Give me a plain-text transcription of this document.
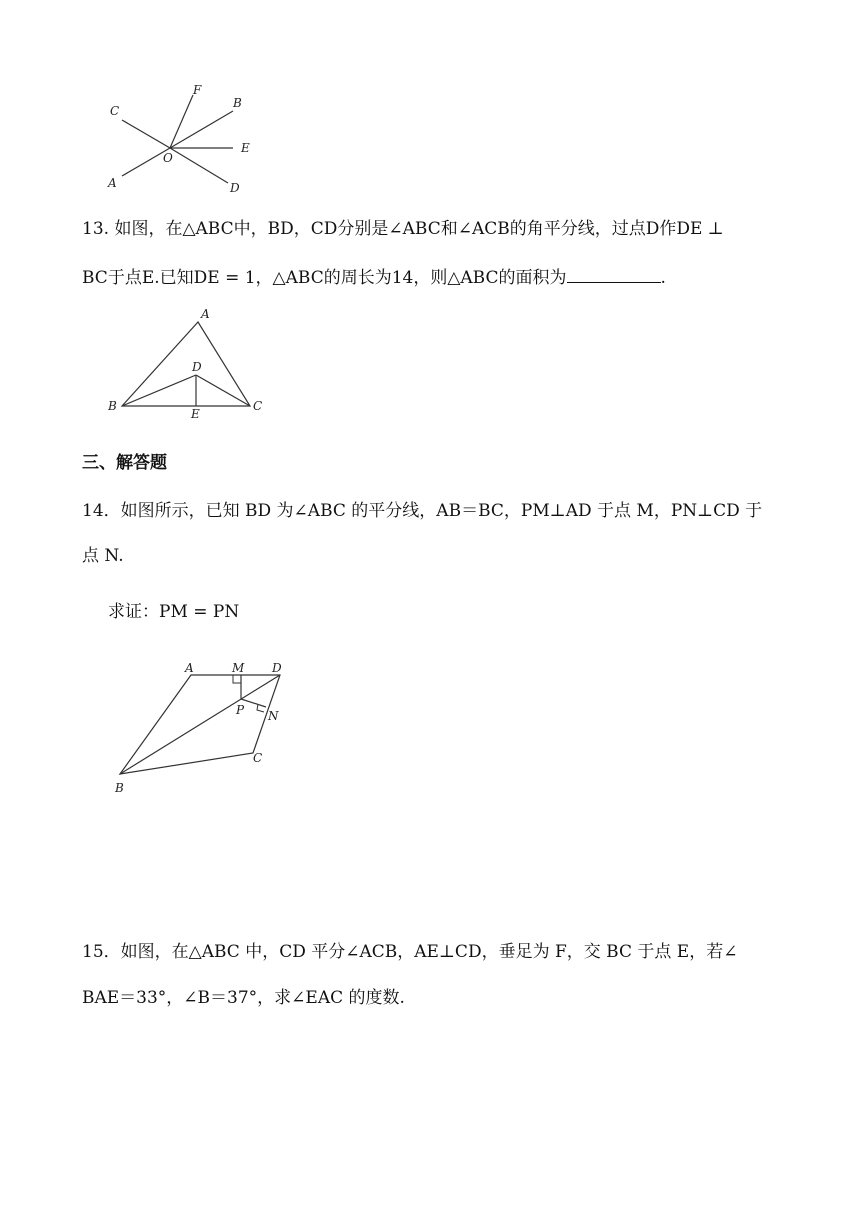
C
F
B
E
O
A	D
13. 如图，在△ABC中，BD，CD分别是∠ABC和∠ACB的角平分线，过点D作DE ⊥
BC于点E.已知DE = 1，△ABC的周长为14，则△ABC的面积为	.
A
D
B
E
C
三、解答题
14．如图所示，已知 BD 为∠ABC 的平分线，AB＝BC，PM⊥AD 于点 M，PN⊥CD 于
点 N.
求证：PM = PN
A	M D
P N
C
B
15．如图，在△ABC 中，CD 平分∠ACB，AE⊥CD，垂足为 F，交 BC 于点 E，若∠
BAE＝33°，∠B＝37°，求∠EAC 的度数.
